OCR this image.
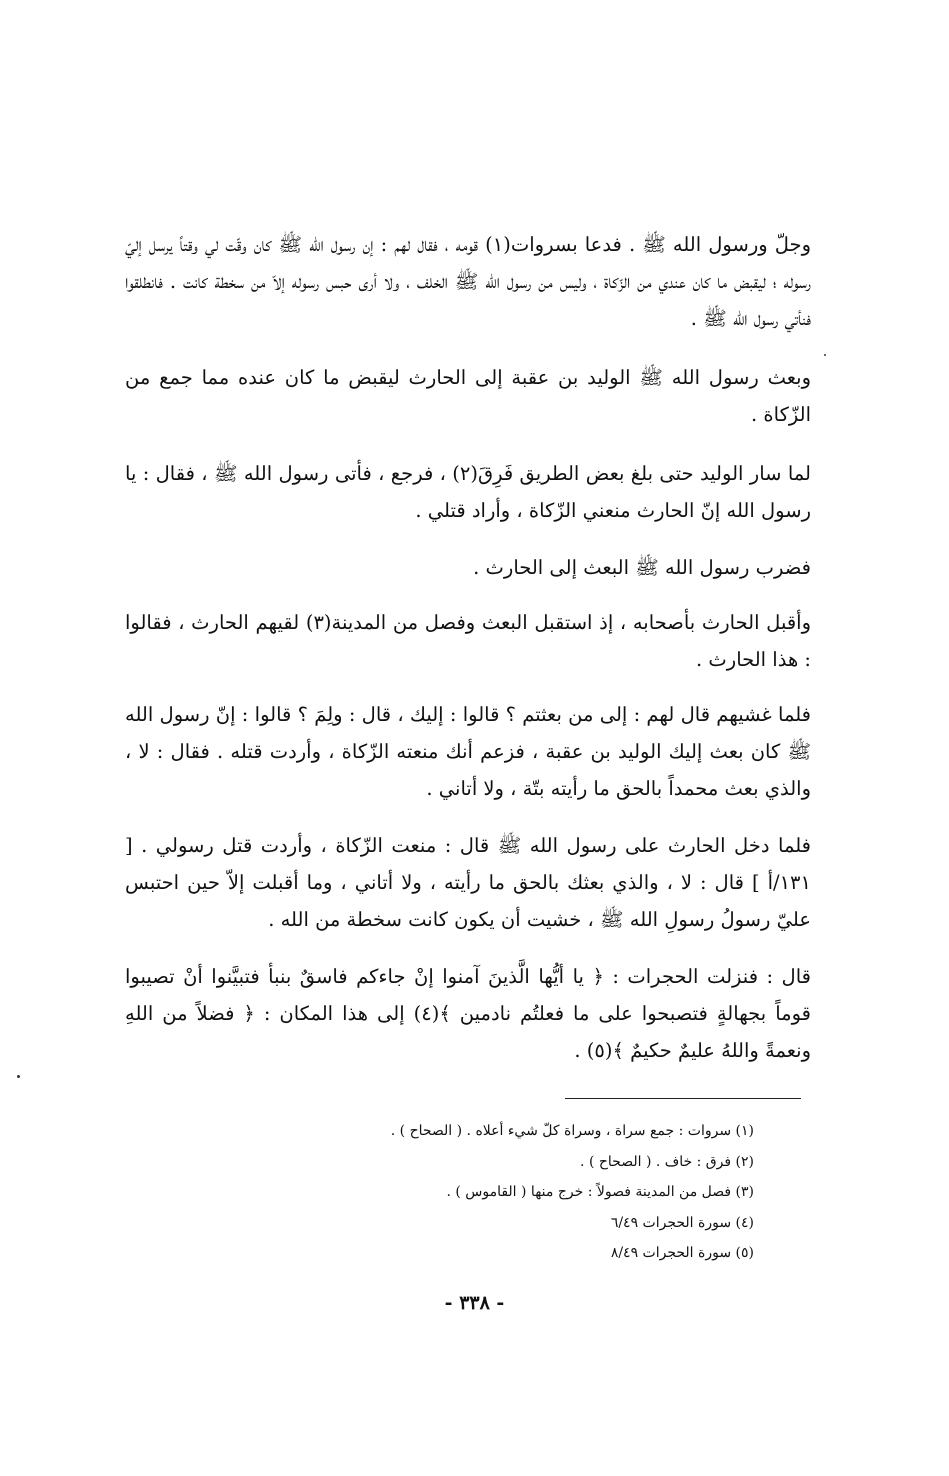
وجلّ ورسول الله ﷺ . فدعا بسروات(١) قومه ، فقال لهم : إن رسول الله ﷺ كان وقّت لي وقتاً يرسل إليّ رسوله ؛ ليقبض ما كان عندي من الزّكاة ، وليس من رسول الله ﷺ الخلف ، ولا أرى حبس رسوله إلاّ من سخطة كانت . فانطلقوا فنأتي رسول الله ﷺ .

وبعث رسول الله ﷺ الوليد بن عقبة إلى الحارث ليقبض ما كان عنده مما جمع من الزّكاة .

لما سار الوليد حتى بلغ بعض الطريق فَرِقَ(٢) ، فرجع ، فأتى رسول الله ﷺ ، فقال : يا رسول الله إنّ الحارث منعني الزّكاة ، وأراد قتلي .

فضرب رسول الله ﷺ البعث إلى الحارث .

وأقبل الحارث بأصحابه ، إذ استقبل البعث وفصل من المدينة(٣) لقيهم الحارث ، فقالوا : هذا الحارث .

فلما غشيهم قال لهم : إلى من بعثتم ؟ قالوا : إليك ، قال : ولِمَ ؟ قالوا : إنّ رسول الله ﷺ كان بعث إليك الوليد بن عقبة ، فزعم أنك منعته الزّكاة ، وأردت قتله . فقال : لا ، والذي بعث محمداً بالحق ما رأيته بتّة ، ولا أتاني .

فلما دخل الحارث على رسول الله ﷺ قال : منعت الزّكاة ، وأردت قتل رسولي . [ ١٣١/أ ] قال : لا ، والذي بعثك بالحق ما رأيته ، ولا أتاني ، وما أقبلت إلاّ حين احتبس عليّ رسولُ رسولِ الله ﷺ ، خشيت أن يكون كانت سخطة من الله .

قال : فنزلت الحجرات : ﴿ يا أيُّها الَّذينَ آمنوا إنْ جاءكم فاسقٌ بنبأ فتبيَّنوا أنْ تصيبوا قوماً بجهالةٍ فتصبحوا على ما فعلتُم نادمين ﴾(٤) إلى هذا المكان : ﴿ فضلاً من اللهِ ونعمةً واللهُ عليمٌ حكيمٌ ﴾(٥) .

(١) سروات : جمع سراة ، وسراة كلّ شيء أعلاه . ( الصحاح ) .
(٢) فرق : خاف . ( الصحاح ) .
(٣) فصل من المدينة فصولاً : خرج منها ( القاموس ) .
(٤) سورة الحجرات ٦/٤٩
(٥) سورة الحجرات ٨/٤٩
- ٣٣٨ -
